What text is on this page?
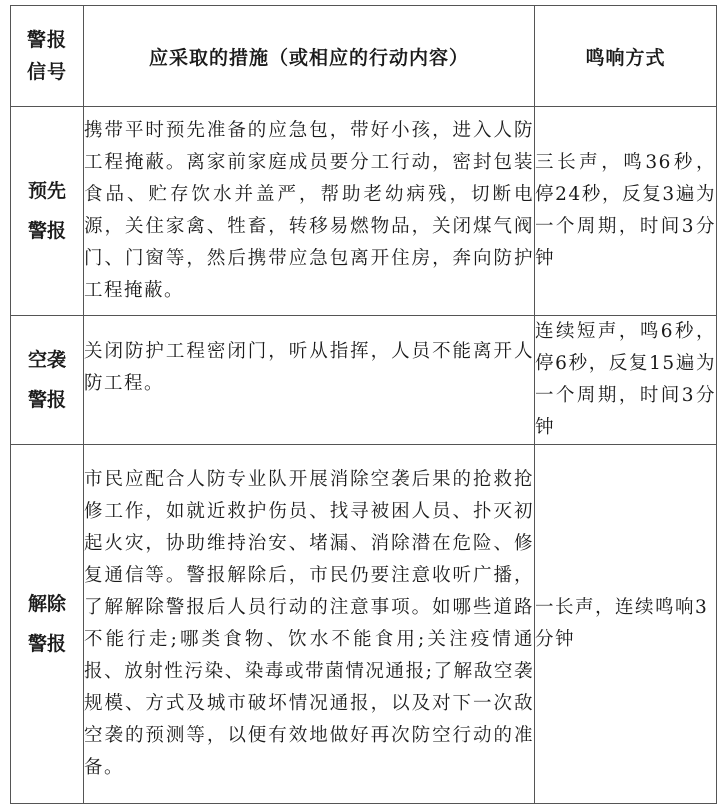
警报信号	应采取的措施（或相应的行动内容）	鸣响方式
预先警报	携带平时预先准备的应急包，带好小孩，进入人防工程掩蔽。离家前家庭成员要分工行动，密封包装食品、贮存饮水并盖严，帮助老幼病残，切断电源，关住家禽、牲畜，转移易燃物品，关闭煤气阀门、门窗等，然后携带应急包离开住房，奔向防护工程掩蔽。	三长声，鸣36秒，停24秒，反复3遍为一个周期，时间3分钟
空袭警报	关闭防护工程密闭门，听从指挥，人员不能离开人防工程。	连续短声，鸣6秒，停6秒，反复15遍为一个周期，时间3分钟
解除警报	市民应配合人防专业队开展消除空袭后果的抢救抢修工作，如就近救护伤员、找寻被困人员、扑灭初起火灾，协助维持治安、堵漏、消除潜在危险、修复通信等。警报解除后，市民仍要注意收听广播，了解解除警报后人员行动的注意事项。如哪些道路不能行走;哪类食物、饮水不能食用;关注疫情通报、放射性污染、染毒或带菌情况通报;了解敌空袭规模、方式及城市破坏情况通报，以及对下一次敌空袭的预测等，以便有效地做好再次防空行动的准备。	一长声，连续鸣响3分钟
